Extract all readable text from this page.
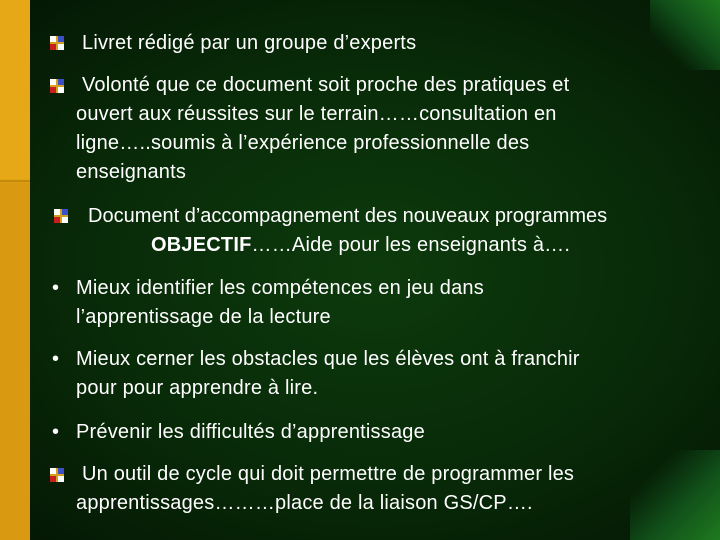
Livret rédigé par un groupe d’experts
Volonté que ce document soit proche des pratiques et
ouvert aux réussites sur le terrain……consultation en
ligne…..soumis à l’expérience professionnelle des
enseignants
Document d’accompagnement des nouveaux programmes
OBJECTIF……Aide pour les enseignants à….
• Mieux identifier les compétences en jeu dans
l’apprentissage de la lecture
• Mieux cerner les obstacles que les élèves ont à franchir
pour pour apprendre à lire.
• Prévenir les difficultés d’apprentissage
Un outil de cycle qui doit permettre de programmer les
apprentissages………place de la liaison GS/CP….
